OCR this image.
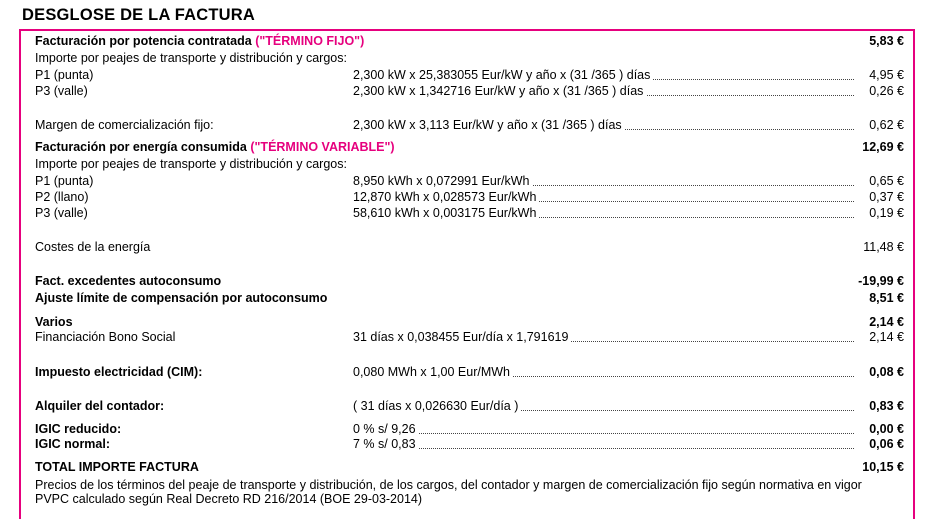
DESGLOSE DE LA FACTURA
Facturación por potencia contratada ("TÉRMINO FIJO")	5,83 €
Importe por peajes de transporte y distribución y cargos:
P1 (punta)	2,300 kW x 25,383055 Eur/kW y año x (31 /365 ) días	4,95 €
P3 (valle)	2,300 kW x 1,342716 Eur/kW y año x (31 /365 ) días	0,26 €
Margen de comercialización fijo:	2,300 kW x 3,113 Eur/kW y año x (31 /365 ) días	0,62 €
Facturación por energía consumida ("TÉRMINO VARIABLE")	12,69 €
Importe por peajes de transporte y distribución y cargos:
P1 (punta)	8,950 kWh x 0,072991 Eur/kWh	0,65 €
P2 (llano)	12,870 kWh x 0,028573 Eur/kWh	0,37 €
P3 (valle)	58,610 kWh x 0,003175 Eur/kWh	0,19 €
Costes de la energía	11,48 €
Fact. excedentes autoconsumo	-19,99 €
Ajuste límite de compensación por autoconsumo	8,51 €
Varios	2,14 €
Financiación Bono Social	31 días x 0,038455 Eur/día x 1,791619	2,14 €
Impuesto electricidad (CIM):	0,080 MWh x 1,00 Eur/MWh	0,08 €
Alquiler del contador:	( 31 días x 0,026630 Eur/día )	0,83 €
IGIC reducido:	0 % s/ 9,26	0,00 €
IGIC normal:	7 % s/ 0,83	0,06 €
TOTAL IMPORTE FACTURA	10,15 €
Precios de los términos del peaje de transporte y distribución, de los cargos, del contador y margen de comercialización fijo según normativa en vigor PVPC calculado según Real Decreto RD 216/2014 (BOE 29-03-2014)
